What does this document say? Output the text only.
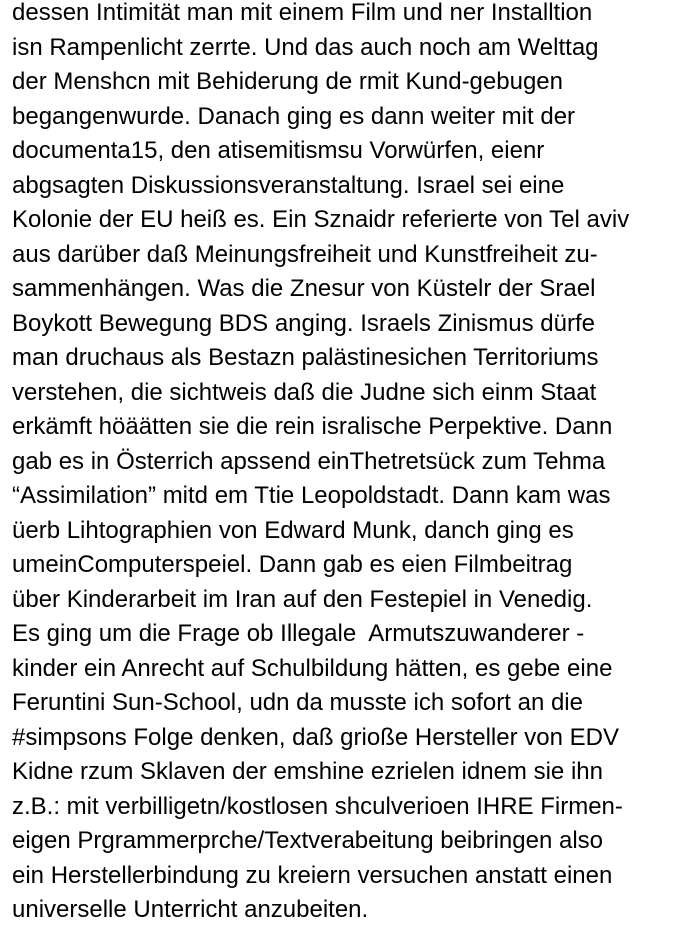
dessen Intimität man mit einem Film und ner Installtion
isn Rampenlicht zerrte. Und das auch noch am Welttag
der Menshcn mit Behiderung de rmit Kund-gebugen
begangenwurde. Danach ging es dann weiter mit der
documenta15, den atisemitismsu Vorwürfen, eienr
abgsagten Diskussionsveranstaltung. Israel sei eine
Kolonie der EU heiß es. Ein Sznaidr referierte von Tel aviv
aus darüber daß Meinungsfreiheit und Kunstfreiheit zu-
sammenhängen. Was die Znesur von Küstelr der Srael
Boykott Bewegung BDS anging. Israels Zinismus dürfe
man druchaus als Bestazn palästinesichen Territoriums
verstehen, die sichtweis daß die Judne sich einm Staat
erkämft höäätten sie die rein isralische Perpektive. Dann
gab es in Österrich apssend einThetretsück zum Tehma
“Assimilation” mitd em Ttie Leopoldstadt. Dann kam was
üerb Lihtographien von Edward Munk, danch ging es
umeinComputerspeiel. Dann gab es eien Filmbeitrag
über Kinderarbeit im Iran auf den Festepiel in Venedig.
Es ging um die Frage ob Illegale  Armutszuwanderer -
kinder ein Anrecht auf Schulbildung hätten, es gebe eine
Feruntini Sun-School, udn da musste ich sofort an die
#simpsons Folge denken, daß grioße Hersteller von EDV
Kidne rzum Sklaven der emshine ezrielen idnem sie ihn
z.B.: mit verbilligetn/kostlosen shculverioen IHRE Firmen-
eigen Prgrammerprche/Textverabeitung beibringen also
ein Herstellerbindung zu kreiern versuchen anstatt einen
universelle Unterricht anzubeiten.
